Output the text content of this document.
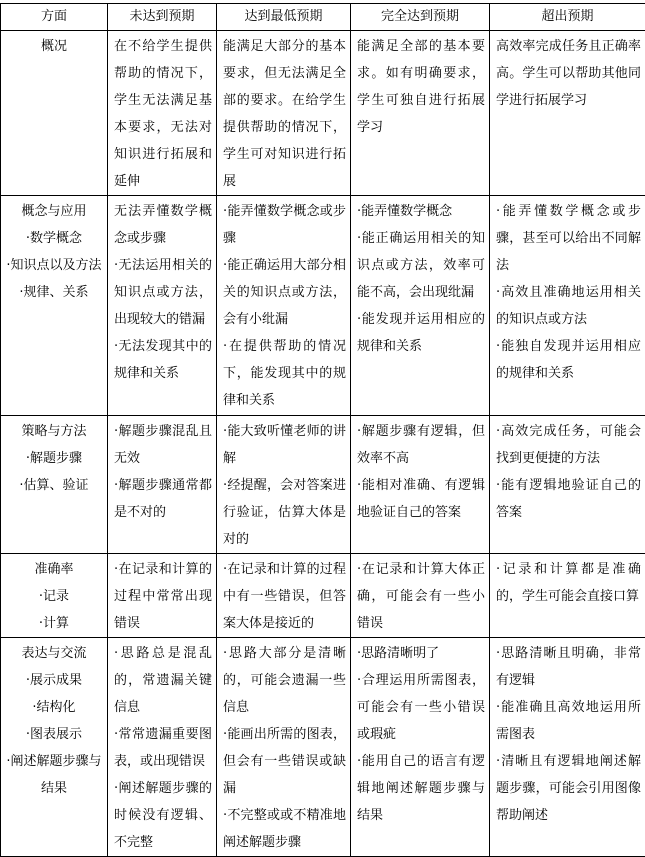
方面	未达到预期	达到最低预期	完全达到预期	超出预期

概况	在不给学生提供帮助的情况下，学生无法满足基本要求，无法对知识进行拓展和延伸	能满足大部分的基本要求，但无法满足全部的要求。在给学生提供帮助的情况下，学生可对知识进行拓展	能满足全部的基本要求。如有明确要求，学生可独自进行拓展学习	高效率完成任务且正确率高。学生可以帮助其他同学进行拓展学习

概念与应用
·数学概念
·知识点以及方法
·规律、关系	无法弄懂数学概念或步骤
·无法运用相关的知识点或方法，出现较大的错漏
·无法发现其中的规律和关系	·能弄懂数学概念或步骤
·能正确运用大部分相关的知识点或方法，会有小纰漏
·在提供帮助的情况下，能发现其中的规律和关系	·能弄懂数学概念
·能正确运用相关的知识点或方法，效率可能不高，会出现纰漏
·能发现并运用相应的规律和关系	·能弄懂数学概念或步骤，甚至可以给出不同解法
·高效且准确地运用相关的知识点或方法
·能独自发现并运用相应的规律和关系

策略与方法
·解题步骤
·估算、验证	·解题步骤混乱且无效
·解题步骤通常都是不对的	·能大致听懂老师的讲解
·经提醒，会对答案进行验证，估算大体是对的	·解题步骤有逻辑，但效率不高
·能相对准确、有逻辑地验证自己的答案	·高效完成任务，可能会找到更便捷的方法
·能有逻辑地验证自己的答案

准确率
·记录
·计算	·在记录和计算的过程中常常出现错误	·在记录和计算的过程中有一些错误，但答案大体是接近的	·在记录和计算大体正确，可能会有一些小错误	·记录和计算都是准确的，学生可能会直接口算

表达与交流
·展示成果
·结构化
·图表展示
·阐述解题步骤与结果	·思路总是混乱的，常遗漏关键信息
·常常遗漏重要图表，或出现错误
·阐述解题步骤的时候没有逻辑、不完整	·思路大部分是清晰的，可能会遗漏一些信息
·能画出所需的图表，但会有一些错误或缺漏
·不完整或或不精准地阐述解题步骤	·思路清晰明了
·合理运用所需图表，可能会有一些小错误或瑕疵
·能用自己的语言有逻辑地阐述解题步骤与结果	·思路清晰且明确，非常有逻辑
·能准确且高效地运用所需图表
·清晰且有逻辑地阐述解题步骤，可能会引用图像帮助阐述
